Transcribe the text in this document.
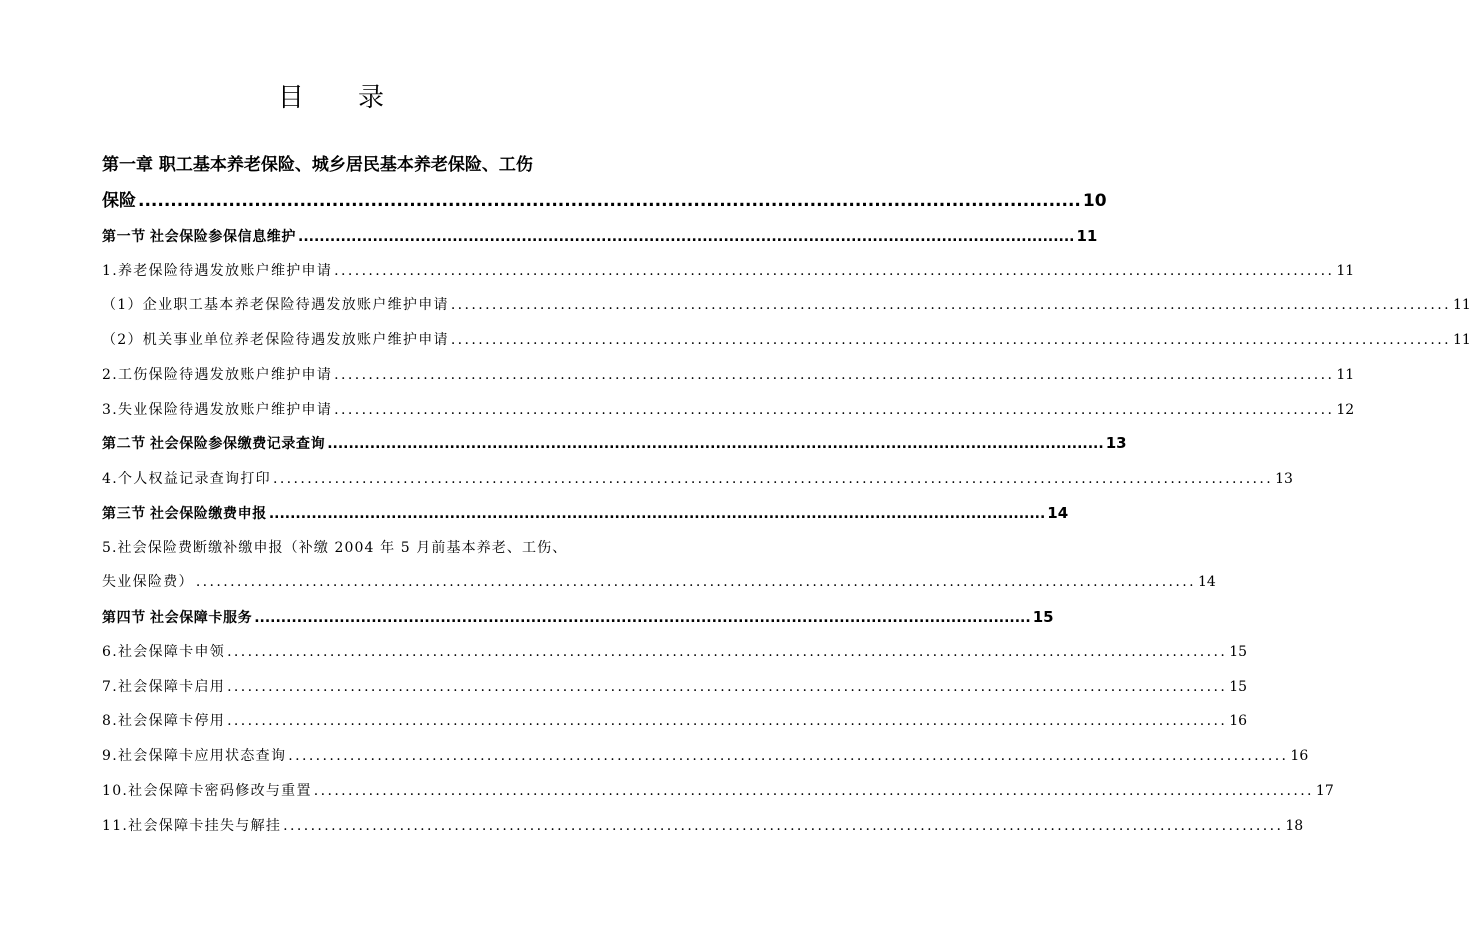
目 录
第一章 职工基本养老保险、城乡居民基本养老保险、工伤
保险 .................................................................................................................................................. 10
第一节 社会保险参保信息维护 .................................................................................................................................................. 11
1.养老保险待遇发放账户维护申请 .................................................................................................................................................. 11
（1）企业职工基本养老保险待遇发放账户维护申请 .................................................................................................................................................. 11
（2）机关事业单位养老保险待遇发放账户维护申请 .................................................................................................................................................. 11
2.工伤保险待遇发放账户维护申请 .................................................................................................................................................. 11
3.失业保险待遇发放账户维护申请 .................................................................................................................................................. 12
第二节 社会保险参保缴费记录查询 .................................................................................................................................................. 13
4.个人权益记录查询打印 .................................................................................................................................................. 13
第三节 社会保险缴费申报 .................................................................................................................................................. 14
5.社会保险费断缴补缴申报（补缴 2004 年 5 月前基本养老、工伤、
失业保险费） .................................................................................................................................................. 14
第四节 社会保障卡服务 .................................................................................................................................................. 15
6.社会保障卡申领 .................................................................................................................................................. 15
7.社会保障卡启用 .................................................................................................................................................. 15
8.社会保障卡停用 .................................................................................................................................................. 16
9.社会保障卡应用状态查询 .................................................................................................................................................. 16
10.社会保障卡密码修改与重置 .................................................................................................................................................. 17
11.社会保障卡挂失与解挂 .................................................................................................................................................. 18
